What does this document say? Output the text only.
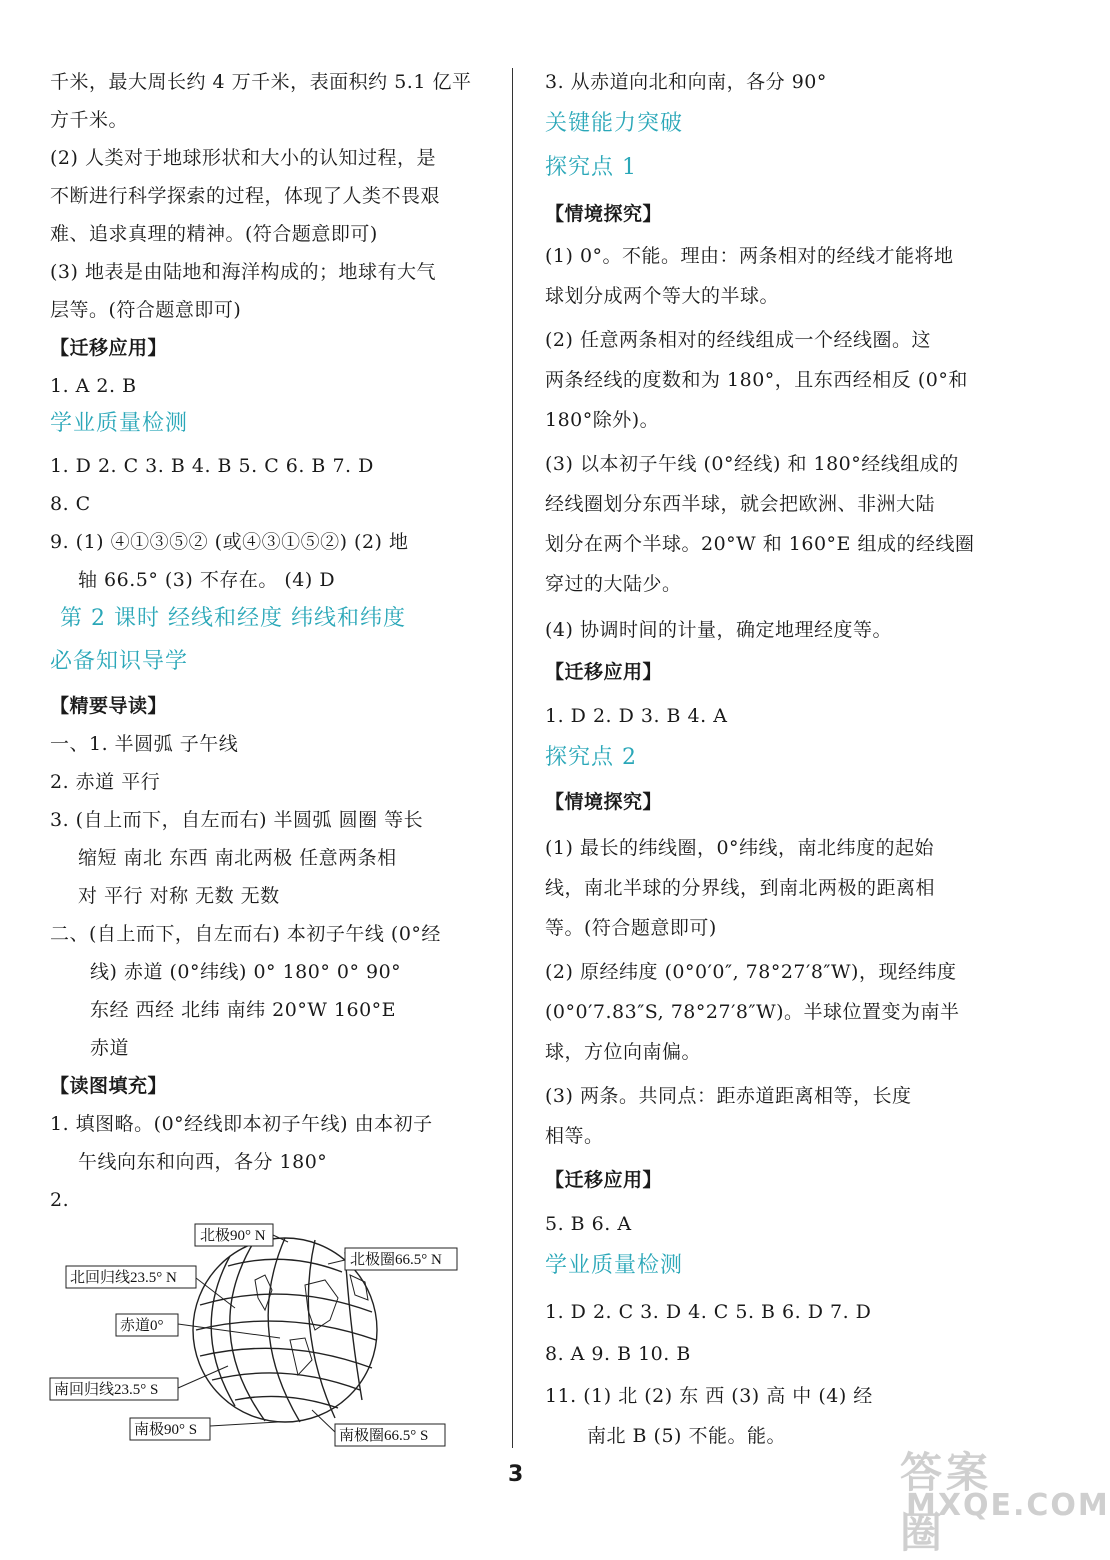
千米，最大周长约 4 万千米，表面积约 5.1 亿平
方千米。
(2) 人类对于地球形状和大小的认知过程，是
不断进行科学探索的过程，体现了人类不畏艰
难、追求真理的精神。(符合题意即可)
(3) 地表是由陆地和海洋构成的；地球有大气
层等。(符合题意即可)
【迁移应用】
1. A 2. B
学业质量检测
1. D 2. C 3. B 4. B 5. C 6. B 7. D
8. C
9. (1) ④①③⑤② (或④③①⑤②) (2) 地
轴 66.5° (3) 不存在。 (4) D
第 2 课时 经线和经度 纬线和纬度
必备知识导学
【精要导读】
一、1. 半圆弧 子午线
2. 赤道 平行
3. (自上而下，自左而右) 半圆弧 圆圈 等长
缩短 南北 东西 南北两极 任意两条相
对 平行 对称 无数 无数
二、(自上而下，自左而右) 本初子午线 (0°经
线) 赤道 (0°纬线) 0° 180° 0° 90°
东经 西经 北纬 南纬 20°W 160°E
赤道
【读图填充】
1. 填图略。(0°经线即本初子午线) 由本初子
午线向东和向西，各分 180°
2.
3. 从赤道向北和向南，各分 90°
关键能力突破
探究点 1
【情境探究】
(1) 0°。不能。理由：两条相对的经线才能将地
球划分成两个等大的半球。
(2) 任意两条相对的经线组成一个经线圈。这
两条经线的度数和为 180°，且东西经相反 (0°和
180°除外)。
(3) 以本初子午线 (0°经线) 和 180°经线组成的
经线圈划分东西半球，就会把欧洲、非洲大陆
划分在两个半球。20°W 和 160°E 组成的经线圈
穿过的大陆少。
(4) 协调时间的计量，确定地理经度等。
【迁移应用】
1. D 2. D 3. B 4. A
探究点 2
【情境探究】
(1) 最长的纬线圈，0°纬线，南北纬度的起始
线，南北半球的分界线，到南北两极的距离相
等。(符合题意即可)
(2) 原经纬度 (0°0′0″, 78°27′8″W)，现经纬度
(0°0′7.83″S, 78°27′8″W)。半球位置变为南半
球，方位向南偏。
(3) 两条。共同点：距赤道距离相等，长度
相等。
【迁移应用】
5. B 6. A
学业质量检测
1. D 2. C 3. D 4. C 5. B 6. D 7. D
8. A 9. B 10. B
11. (1) 北 (2) 东 西 (3) 高 中 (4) 经
南北 B (5) 不能。能。
北极90° N
北极圈66.5° N
北回归线23.5° N
赤道0°
南回归线23.5° S
南极90° S	南极圈66.5° S
3	答案圈
MXQE.COM
